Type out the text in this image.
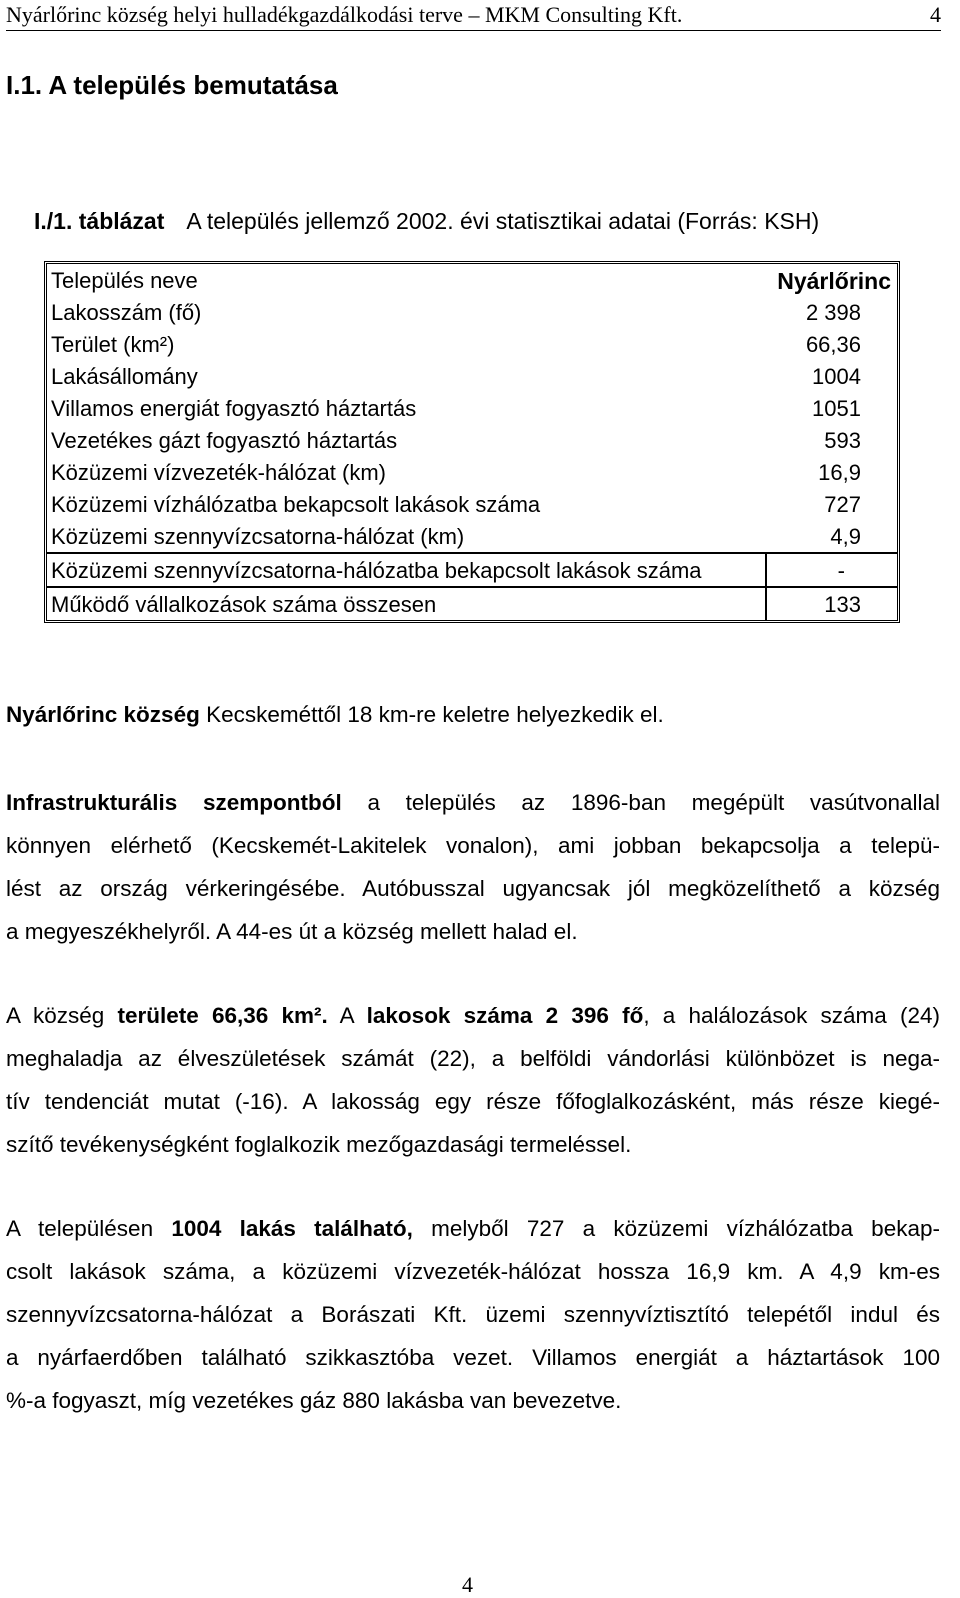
Nyárlőrinc község helyi hulladékgazdálkodási terve – MKM Consulting Kft.	4
I.1. A település bemutatása
I./1. táblázat A település jellemző 2002. évi statisztikai adatai (Forrás: KSH)
Település neve	Nyárlőrinc
Lakosszám (fő)	2 398
Terület (km²)	66,36
Lakásállomány	1004
Villamos energiát fogyasztó háztartás	1051
Vezetékes gázt fogyasztó háztartás	593
Közüzemi vízvezeték-hálózat (km)	16,9
Közüzemi vízhálózatba bekapcsolt lakások száma	727
Közüzemi szennyvízcsatorna-hálózat (km)	4,9
Közüzemi szennyvízcsatorna-hálózatba bekapcsolt lakások száma	-
Működő vállalkozások száma összesen	133
Nyárlőrinc község Kecskeméttől 18 km-re keletre helyezkedik el.
Infrastrukturális szempontból a település az 1896-ban megépült vasútvonallal
könnyen elérhető (Kecskemét-Lakitelek vonalon), ami jobban bekapcsolja a telepü-
lést az ország vérkeringésébe. Autóbusszal ugyancsak jól megközelíthető a község
a megyeszékhelyről. A 44-es út a község mellett halad el.
A község területe 66,36 km². A lakosok száma 2 396 fő, a halálozások száma (24)
meghaladja az élveszületések számát (22), a belföldi vándorlási különbözet is nega-
tív tendenciát mutat (-16). A lakosság egy része főfoglalkozásként, más része kiegé-
szítő tevékenységként foglalkozik mezőgazdasági termeléssel.
A településen 1004 lakás található, melyből 727 a közüzemi vízhálózatba bekap-
csolt lakások száma, a közüzemi vízvezeték-hálózat hossza 16,9 km. A 4,9 km-es
szennyvízcsatorna-hálózat a Borászati Kft. üzemi szennyvíztisztító telepétől indul és
a nyárfaerdőben található szikkasztóba vezet. Villamos energiát a háztartások 100
%-a fogyaszt, míg vezetékes gáz 880 lakásba van bevezetve.
4
